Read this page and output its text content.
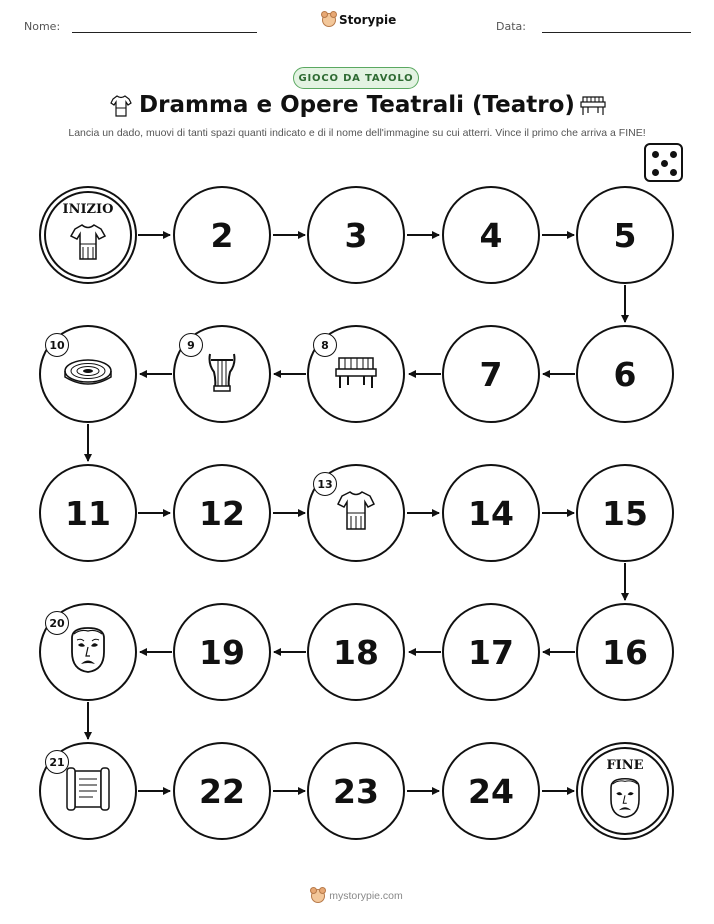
Nome:	Storypie	Data:
GIOCO DA TAVOLO
Dramma e Opere Teatrali (Teatro)
Lancia un dado, muovi di tanti spazi quanti indicato e di il nome dell'immagine su cui atterri. Vince il primo che arriva a FINE!
INIZIO
2	3	4	5
10	9	8
7	6
11	12
13
14	15
20
19	18	17	16
21
22	23	24
FINE
mystorypie.com
